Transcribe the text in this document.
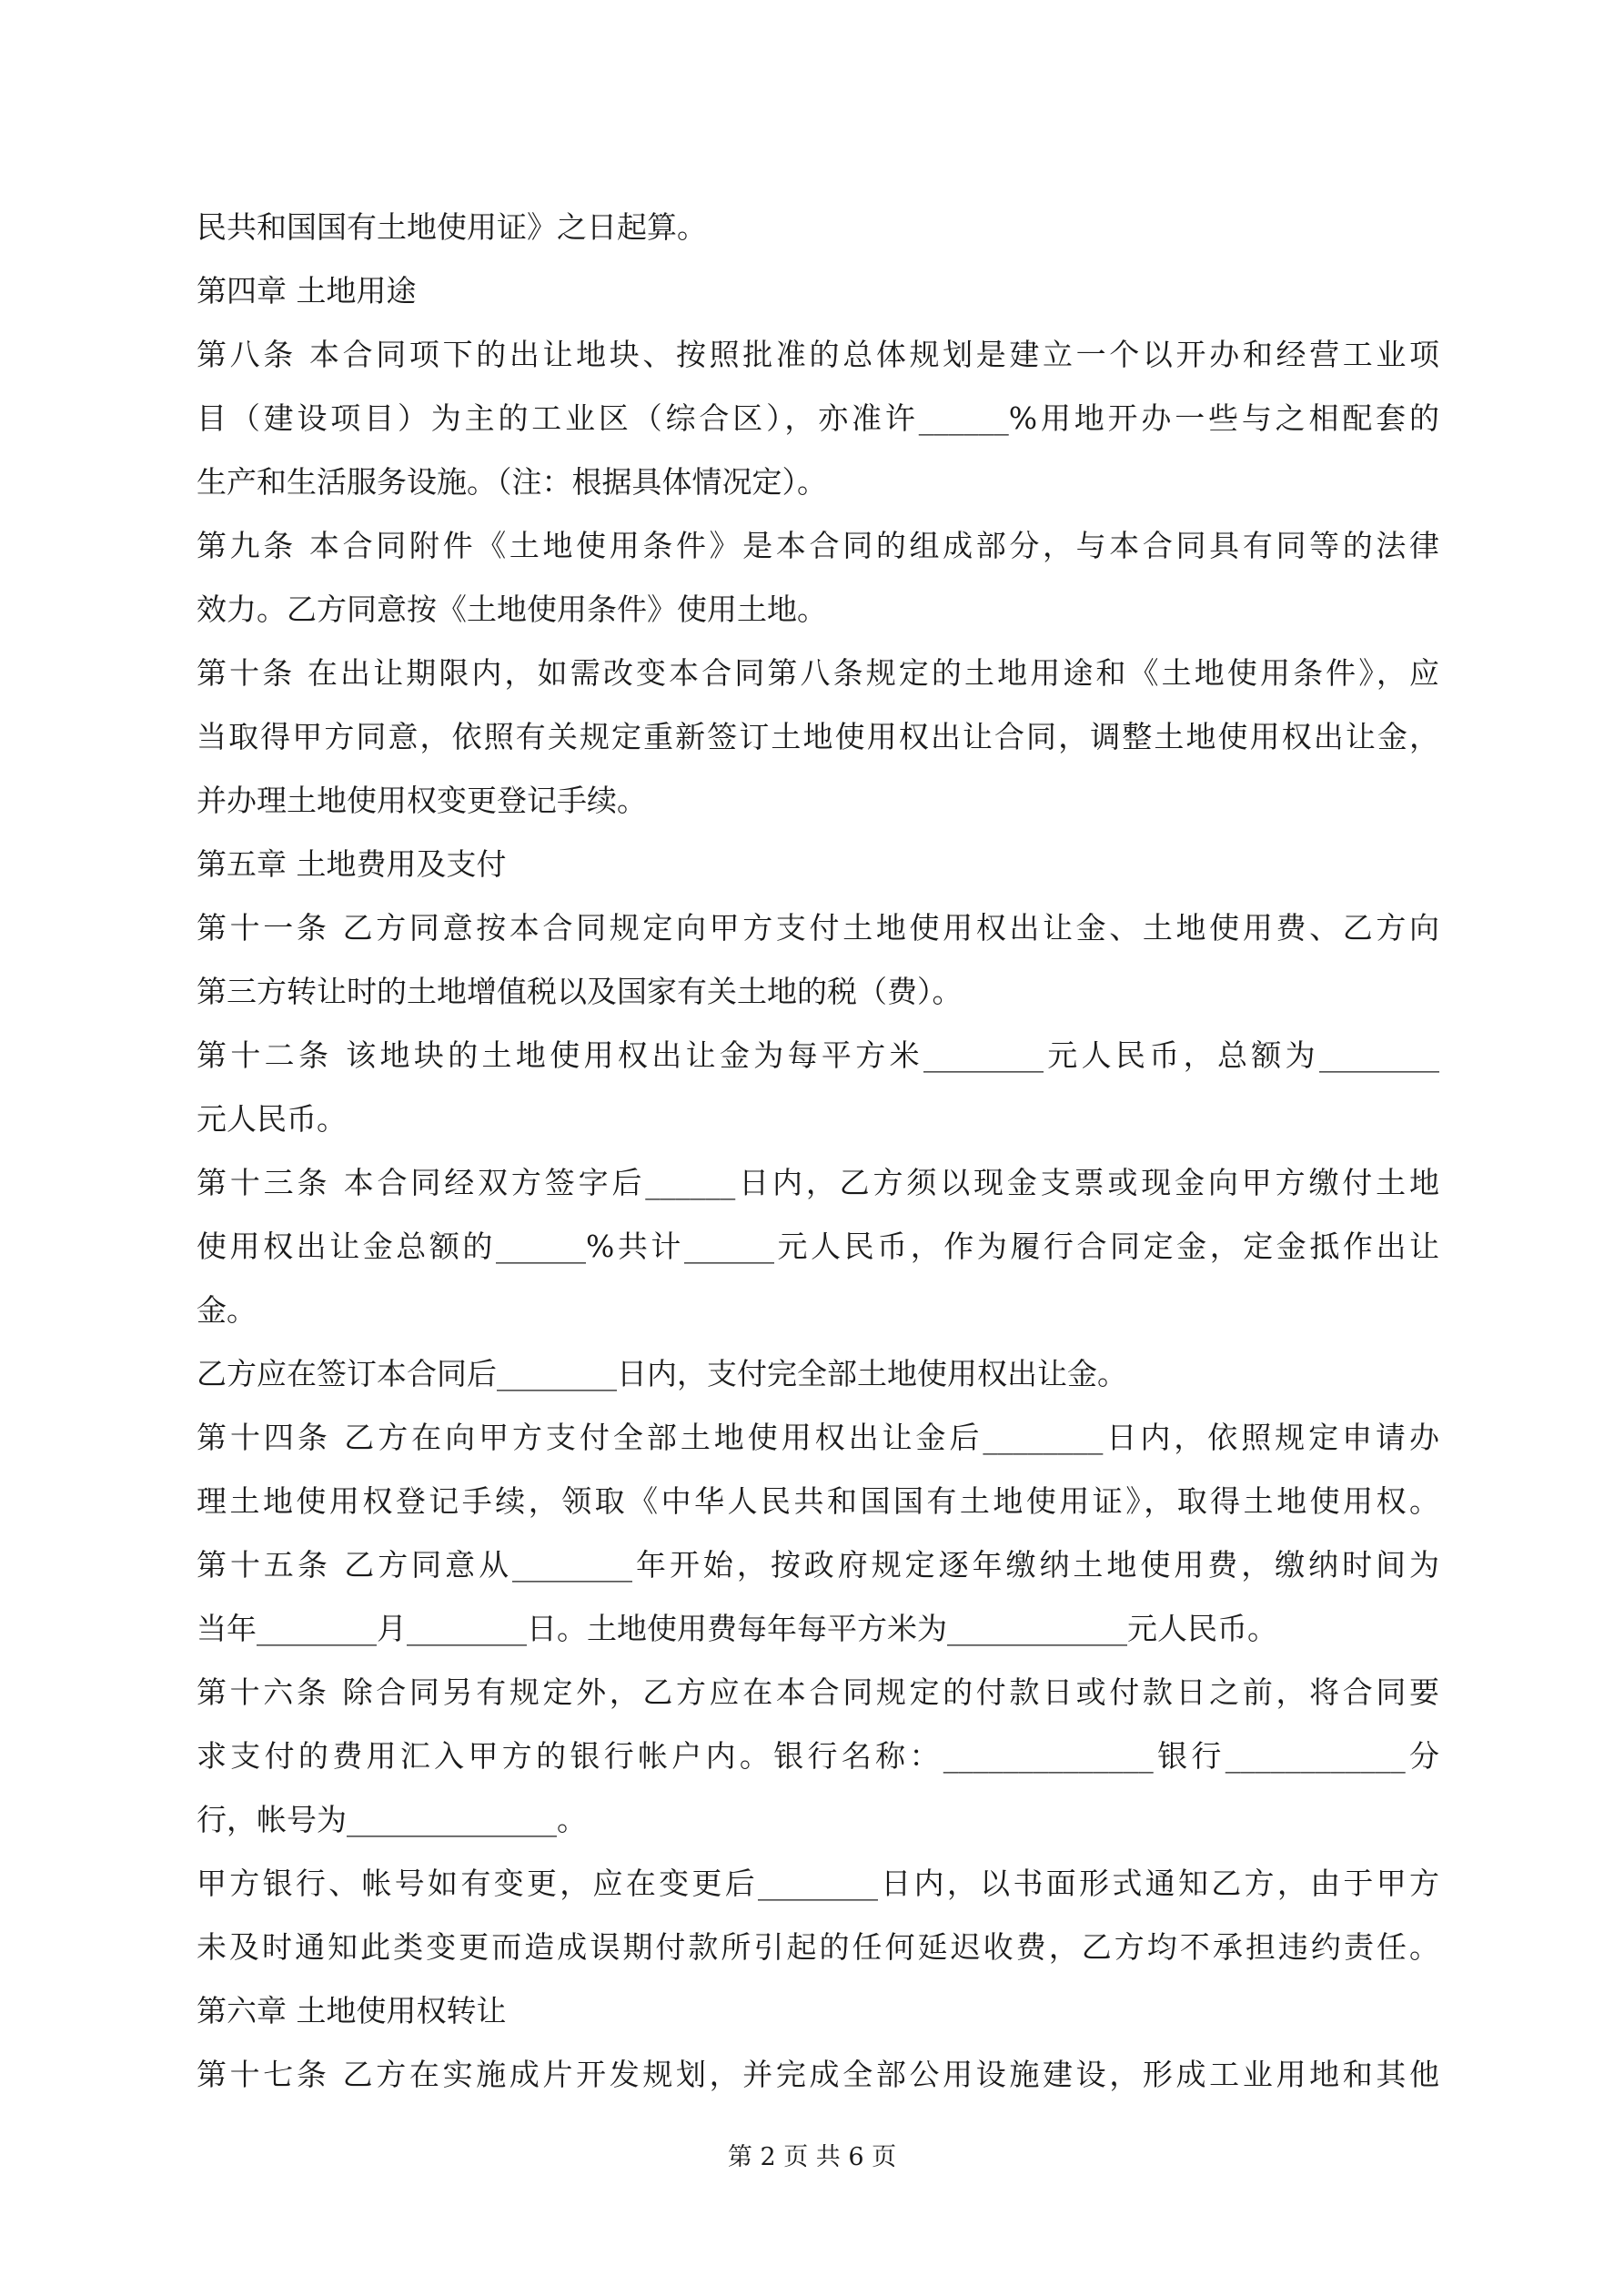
民共和国国有土地使用证》之日起算。
第四章 土地用途
第八条 本合同项下的出让地块、按照批准的总体规划是建立一个以开办和经营工业项
目（建设项目）为主的工业区（综合区），亦准许______%用地开办一些与之相配套的
生产和生活服务设施。（注：根据具体情况定）。
第九条 本合同附件《土地使用条件》是本合同的组成部分，与本合同具有同等的法律
效力。乙方同意按《土地使用条件》使用土地。
第十条 在出让期限内，如需改变本合同第八条规定的土地用途和《土地使用条件》，应
当取得甲方同意，依照有关规定重新签订土地使用权出让合同，调整土地使用权出让金，
并办理土地使用权变更登记手续。
第五章 土地费用及支付
第十一条 乙方同意按本合同规定向甲方支付土地使用权出让金、土地使用费、乙方向
第三方转让时的土地增值税以及国家有关土地的税（费）。
第十二条 该地块的土地使用权出让金为每平方米________元人民币，总额为________
元人民币。
第十三条 本合同经双方签字后______日内，乙方须以现金支票或现金向甲方缴付土地
使用权出让金总额的______%共计______元人民币，作为履行合同定金，定金抵作出让
金。
乙方应在签订本合同后________日内，支付完全部土地使用权出让金。
第十四条 乙方在向甲方支付全部土地使用权出让金后________日内，依照规定申请办
理土地使用权登记手续，领取《中华人民共和国国有土地使用证》，取得土地使用权。
第十五条 乙方同意从________年开始，按政府规定逐年缴纳土地使用费，缴纳时间为
当年________月________日。土地使用费每年每平方米为____________元人民币。
第十六条 除合同另有规定外，乙方应在本合同规定的付款日或付款日之前，将合同要
求支付的费用汇入甲方的银行帐户内。银行名称：______________银行____________分
行，帐号为______________。
甲方银行、帐号如有变更，应在变更后________日内，以书面形式通知乙方，由于甲方
未及时通知此类变更而造成误期付款所引起的任何延迟收费，乙方均不承担违约责任。
第六章 土地使用权转让
第十七条 乙方在实施成片开发规划，并完成全部公用设施建设，形成工业用地和其他
第 2 页 共 6 页
